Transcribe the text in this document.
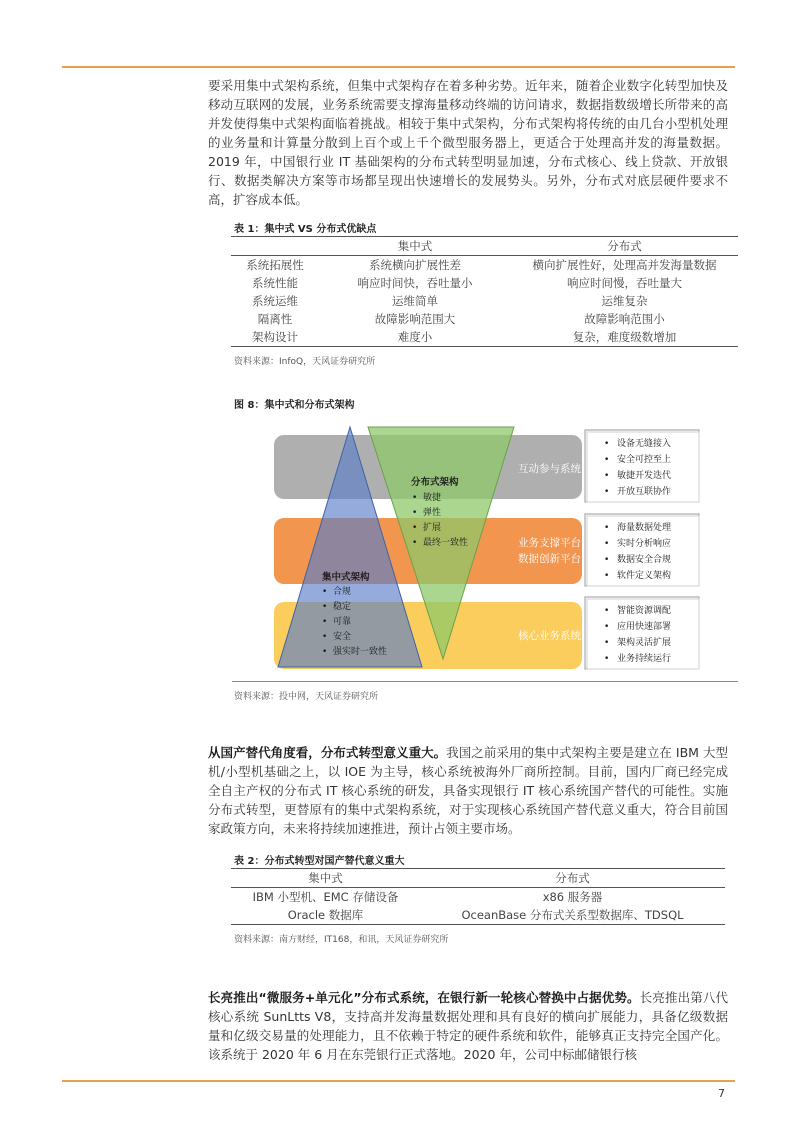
要采用集中式架构系统，但集中式架构存在着多种劣势。近年来，随着企业数字化转型加快及移动互联网的发展，业务系统需要支撑海量移动终端的访问请求，数据指数级增长所带来的高并发使得集中式架构面临着挑战。相较于集中式架构，分布式架构将传统的由几台小型机处理的业务量和计算量分散到上百个或上千个微型服务器上，更适合于处理高并发的海量数据。2019 年，中国银行业 IT 基础架构的分布式转型明显加速，分布式核心、线上贷款、开放银行、数据类解决方案等市场都呈现出快速增长的发展势头。另外，分布式对底层硬件要求不高，扩容成本低。

表 1：集中式 VS 分布式优缺点
	集中式	分布式
系统拓展性	系统横向扩展性差	横向扩展性好，处理高并发海量数据
系统性能	响应时间快，吞吐量小	响应时间慢，吞吐量大
系统运维	运维简单	运维复杂
隔离性	故障影响范围大	故障影响范围小
架构设计	难度小	复杂，难度级数增加
资料来源：InfoQ，天风证券研究所
图 8：集中式和分布式架构
互动参与系统
业务支撑平台
数据创新平台
核心业务系统
分布式架构
• 敏捷
• 弹性
• 扩展
• 最终一致性
集中式架构
• 合规
• 稳定
• 可靠
• 安全
• 强实时一致性
• 设备无缝接入
• 安全可控至上
• 敏捷开发迭代
• 开放互联协作
• 海量数据处理
• 实时分析响应
• 数据安全合规
• 软件定义架构
• 智能资源调配
• 应用快速部署
• 架构灵活扩展
• 业务持续运行
资料来源：投中网，天风证券研究所

从国产替代角度看，分布式转型意义重大。我国之前采用的集中式架构主要是建立在 IBM 大型机/小型机基础之上，以 IOE 为主导，核心系统被海外厂商所控制。目前，国内厂商已经完成全自主产权的分布式 IT 核心系统的研发，具备实现银行 IT 核心系统国产替代的可能性。实施分布式转型，更替原有的集中式架构系统，对于实现核心系统国产替代意义重大，符合目前国家政策方向，未来将持续加速推进，预计占领主要市场。

表 2：分布式转型对国产替代意义重大
集中式	分布式
IBM 小型机、EMC 存储设备	x86 服务器
Oracle 数据库	OceanBase 分布式关系型数据库、TDSQL
资料来源：南方财经，IT168，和讯，天风证券研究所

长亮推出“微服务+单元化”分布式系统，在银行新一轮核心替换中占据优势。长亮推出第八代核心系统 SunLtts V8，支持高并发海量数据处理和具有良好的横向扩展能力，具备亿级数据量和亿级交易量的处理能力，且不依赖于特定的硬件系统和软件，能够真正支持完全国产化。该系统于 2020 年 6 月在东莞银行正式落地。2020 年，公司中标邮储银行核

7
